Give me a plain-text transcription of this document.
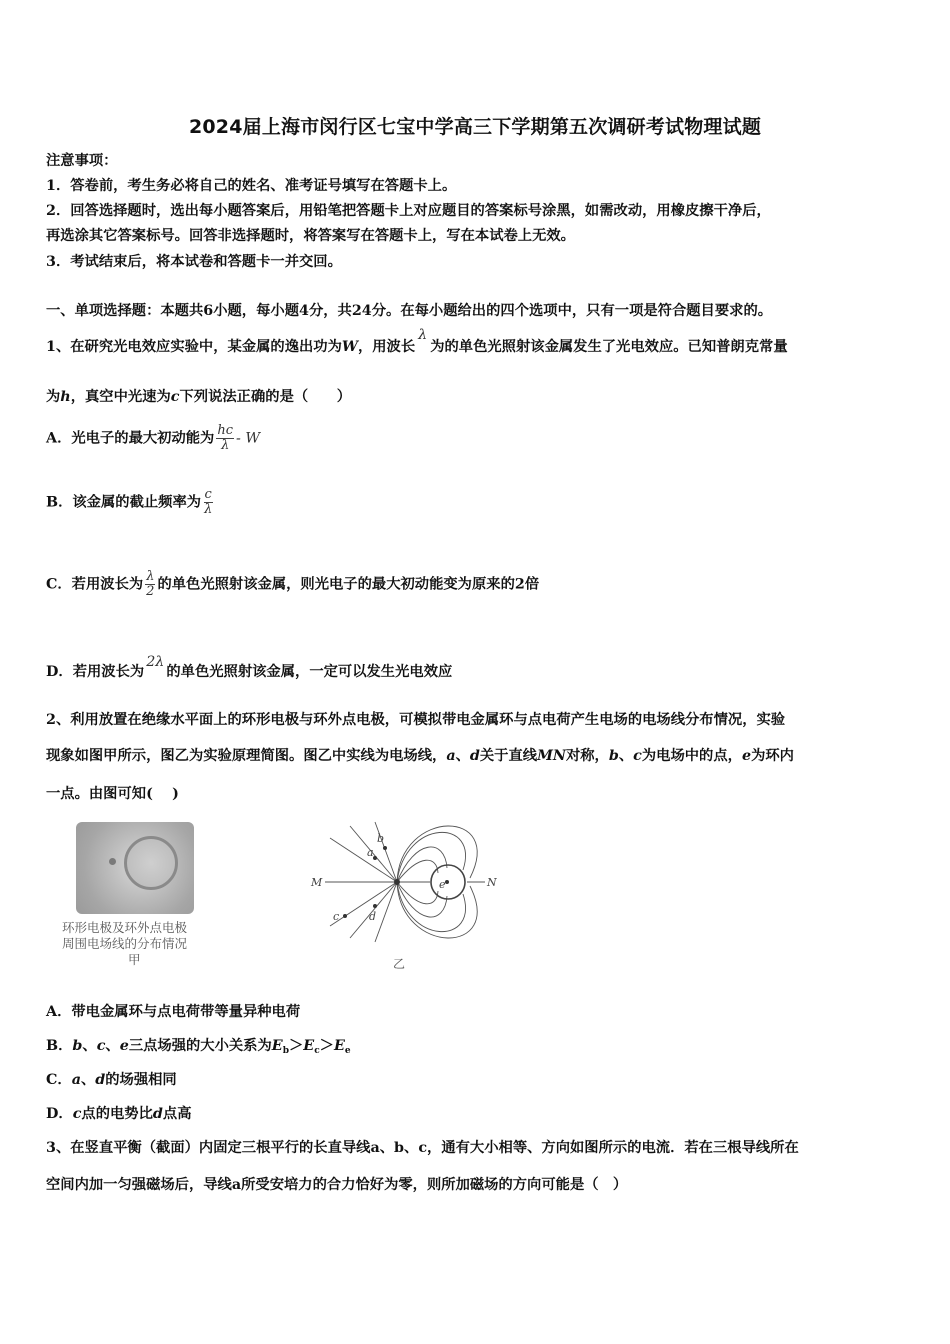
2024届上海市闵行区七宝中学高三下学期第五次调研考试物理试题
注意事项：
1．答卷前，考生务必将自己的姓名、准考证号填写在答题卡上。
2．回答选择题时，选出每小题答案后，用铅笔把答题卡上对应题目的答案标号涂黑，如需改动，用橡皮擦干净后，
再选涂其它答案标号。回答非选择题时，将答案写在答题卡上，写在本试卷上无效。
3．考试结束后，将本试卷和答题卡一并交回。
一、单项选择题：本题共6小题，每小题4分，共24分。在每小题给出的四个选项中，只有一项是符合题目要求的。
1、在研究光电效应实验中，某金属的逸出功为W，用波长λ为的单色光照射该金属发生了光电效应。已知普朗克常量
为h，真空中光速为c下列说法正确的是（　　）
A．光电子的最大初动能为 $\frac{hc}{\lambda}$ - W
B．该金属的截止频率为 $\frac{c}{\lambda}$
C．若用波长为 $\frac{\lambda}{2}$ 的单色光照射该金属，则光电子的最大初动能变为原来的2倍
D．若用波长为2λ的单色光照射该金属，一定可以发生光电效应
2、利用放置在绝缘水平面上的环形电极与环外点电极，可模拟带电金属环与点电荷产生电场的电场线分布情况，实验
现象如图甲所示，图乙为实验原理简图。图乙中实线为电场线，a、d关于直线MN对称，b、c为电场中的点，e为环内
一点。由图可知(　 )
环形电极及环外点电极
周围电场线的分布情况
甲
M	N
a
b
c	d
e
乙
A．带电金属环与点电荷带等量异种电荷
B．b、c、e三点场强的大小关系为$E_b>E_c>E_e$
C．a、d的场强相同
D．c点的电势比d点高
3、在竖直平衡（截面）内固定三根平行的长直导线a、b、c，通有大小相等、方向如图所示的电流．若在三根导线所在
空间内加一匀强磁场后，导线a所受安培力的合力恰好为零，则所加磁场的方向可能是（　）
